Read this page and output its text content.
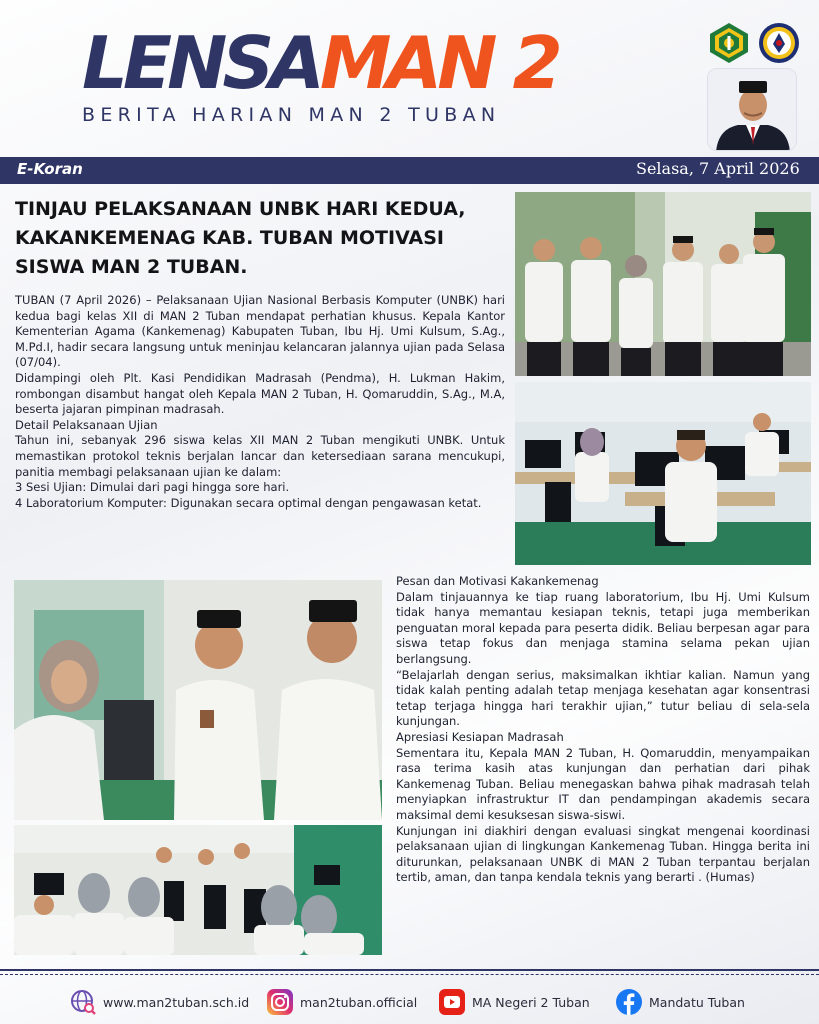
LENSAMAN 2
BERITA HARIAN MAN 2 TUBAN
E-Koran	Selasa, 7 April 2026
TINJAU PELAKSANAAN UNBK HARI KEDUA,
KAKANKEMENAG KAB. TUBAN MOTIVASI
SISWA MAN 2 TUBAN.

TUBAN (7 April 2026) – Pelaksanaan Ujian Nasional Berbasis Komputer (UNBK) hari kedua bagi kelas XII di MAN 2 Tuban mendapat perhatian khusus. Kepala Kantor Kementerian Agama (Kankemenag) Kabupaten Tuban, Ibu Hj. Umi Kulsum, S.Ag., M.Pd.I, hadir secara langsung untuk meninjau kelancaran jalannya ujian pada Selasa (07/04).

Didampingi oleh Plt. Kasi Pendidikan Madrasah (Pendma), H. Lukman Hakim, rombongan disambut hangat oleh Kepala MAN 2 Tuban, H. Qomaruddin, S.Ag., M.A, beserta jajaran pimpinan madrasah.

Detail Pelaksanaan Ujian

Tahun ini, sebanyak 296 siswa kelas XII MAN 2 Tuban mengikuti UNBK. Untuk memastikan protokol teknis berjalan lancar dan ketersediaan sarana mencukupi, panitia membagi pelaksanaan ujian ke dalam:

3 Sesi Ujian: Dimulai dari pagi hingga sore hari.

4 Laboratorium Komputer: Digunakan secara optimal dengan pengawasan ketat.

Pesan dan Motivasi Kakankemenag

Dalam tinjauannya ke tiap ruang laboratorium, Ibu Hj. Umi Kulsum tidak hanya memantau kesiapan teknis, tetapi juga memberikan penguatan moral kepada para peserta didik. Beliau berpesan agar para siswa tetap fokus dan menjaga stamina selama pekan ujian berlangsung.

“Belajarlah dengan serius, maksimalkan ikhtiar kalian. Namun yang tidak kalah penting adalah tetap menjaga kesehatan agar konsentrasi tetap terjaga hingga hari terakhir ujian,” tutur beliau di sela-sela kunjungan.

Apresiasi Kesiapan Madrasah

Sementara itu, Kepala MAN 2 Tuban, H. Qomaruddin, menyampaikan rasa terima kasih atas kunjungan dan perhatian dari pihak Kankemenag Tuban. Beliau menegaskan bahwa pihak madrasah telah menyiapkan infrastruktur IT dan pendampingan akademis secara maksimal demi kesuksesan siswa-siswi.

Kunjungan ini diakhiri dengan evaluasi singkat mengenai koordinasi pelaksanaan ujian di lingkungan Kankemenag Tuban. Hingga berita ini diturunkan, pelaksanaan UNBK di MAN 2 Tuban terpantau berjalan tertib, aman, dan tanpa kendala teknis yang berarti . (Humas)

www.man2tuban.sch.id	man2tuban.official	MA Negeri 2 Tuban	Mandatu Tuban
